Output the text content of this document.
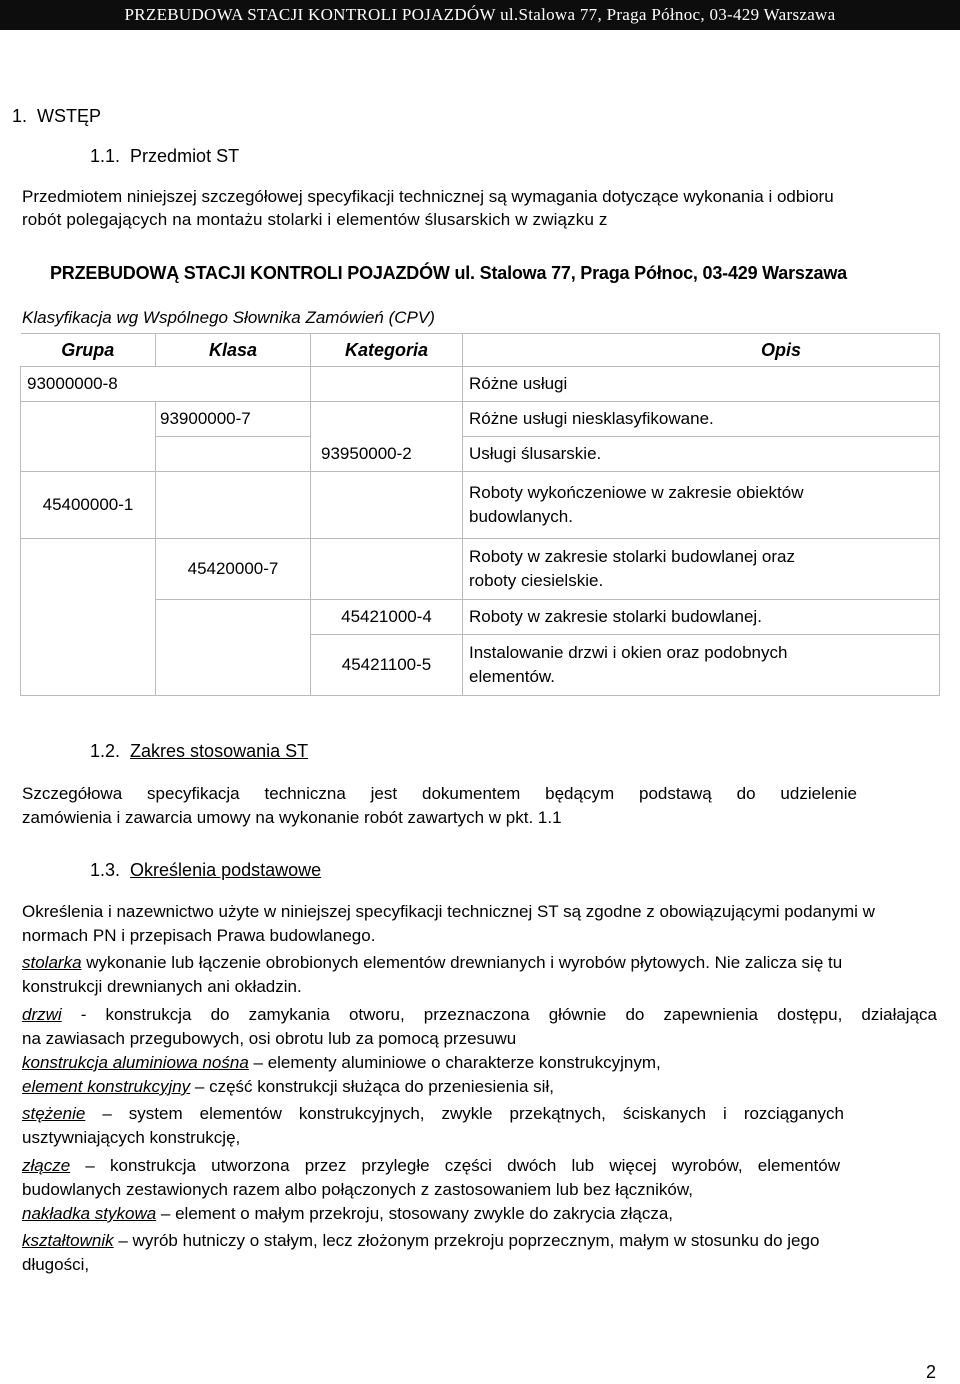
PRZEBUDOWA STACJI KONTROLI POJAZDÓW ul.Stalowa 77, Praga Północ, 03-429 Warszawa
1. WSTĘP
1.1. Przedmiot ST
Przedmiotem niniejszej szczegółowej specyfikacji technicznej są wymagania dotyczące wykonania i odbioru
robót polegających na montażu stolarki i elementów ślusarskich w związku z
PRZEBUDOWĄ STACJI KONTROLI POJAZDÓW ul. Stalowa 77, Praga Północ, 03-429 Warszawa
Klasyfikacja wg Wspólnego Słownika Zamówień (CPV)
Grupa	Klasa	Kategoria	Opis
93000000-8			Różne usługi
	93900000-7		Różne usługi niesklasyfikowane.
		93950000-2	Usługi ślusarskie.
45400000-1			Roboty wykończeniowe w zakresie obiektów
budowlanych.

	45420000-7		Roboty w zakresie stolarki budowlanej oraz
roboty ciesielskie.

		45421000-4	Roboty w zakresie stolarki budowlanej.
		45421100-5	Instalowanie drzwi i okien oraz podobnych
elementów.
1.2. Zakres stosowania ST
Szczegółowa specyfikacja techniczna jest dokumentem będącym podstawą do udzielenie
zamówienia i zawarcia umowy na wykonanie robót zawartych w pkt. 1.1
1.3. Określenia podstawowe
Określenia i nazewnictwo użyte w niniejszej specyfikacji technicznej ST są zgodne z obowiązującymi podanymi w
normach PN i przepisach Prawa budowlanego.
stolarka wykonanie lub łączenie obrobionych elementów drewnianych i wyrobów płytowych. Nie zalicza się tu
konstrukcji drewnianych ani okładzin.
drzwi - konstrukcja do zamykania otworu, przeznaczona głównie do zapewnienia dostępu, działająca
na zawiasach przegubowych, osi obrotu lub za pomocą przesuwu
konstrukcja aluminiowa nośna – elementy aluminiowe o charakterze konstrukcyjnym,
element konstrukcyjny – część konstrukcji służąca do przeniesienia sił,
stężenie – system elementów konstrukcyjnych, zwykle przekątnych, ściskanych i rozciąganych
usztywniających konstrukcję,
złącze – konstrukcja utworzona przez przyległe części dwóch lub więcej wyrobów, elementów
budowlanych zestawionych razem albo połączonych z zastosowaniem lub bez łączników,
nakładka stykowa – element o małym przekroju, stosowany zwykle do zakrycia złącza,
kształtownik – wyrób hutniczy o stałym, lecz złożonym przekroju poprzecznym, małym w stosunku do jego
długości,
2
